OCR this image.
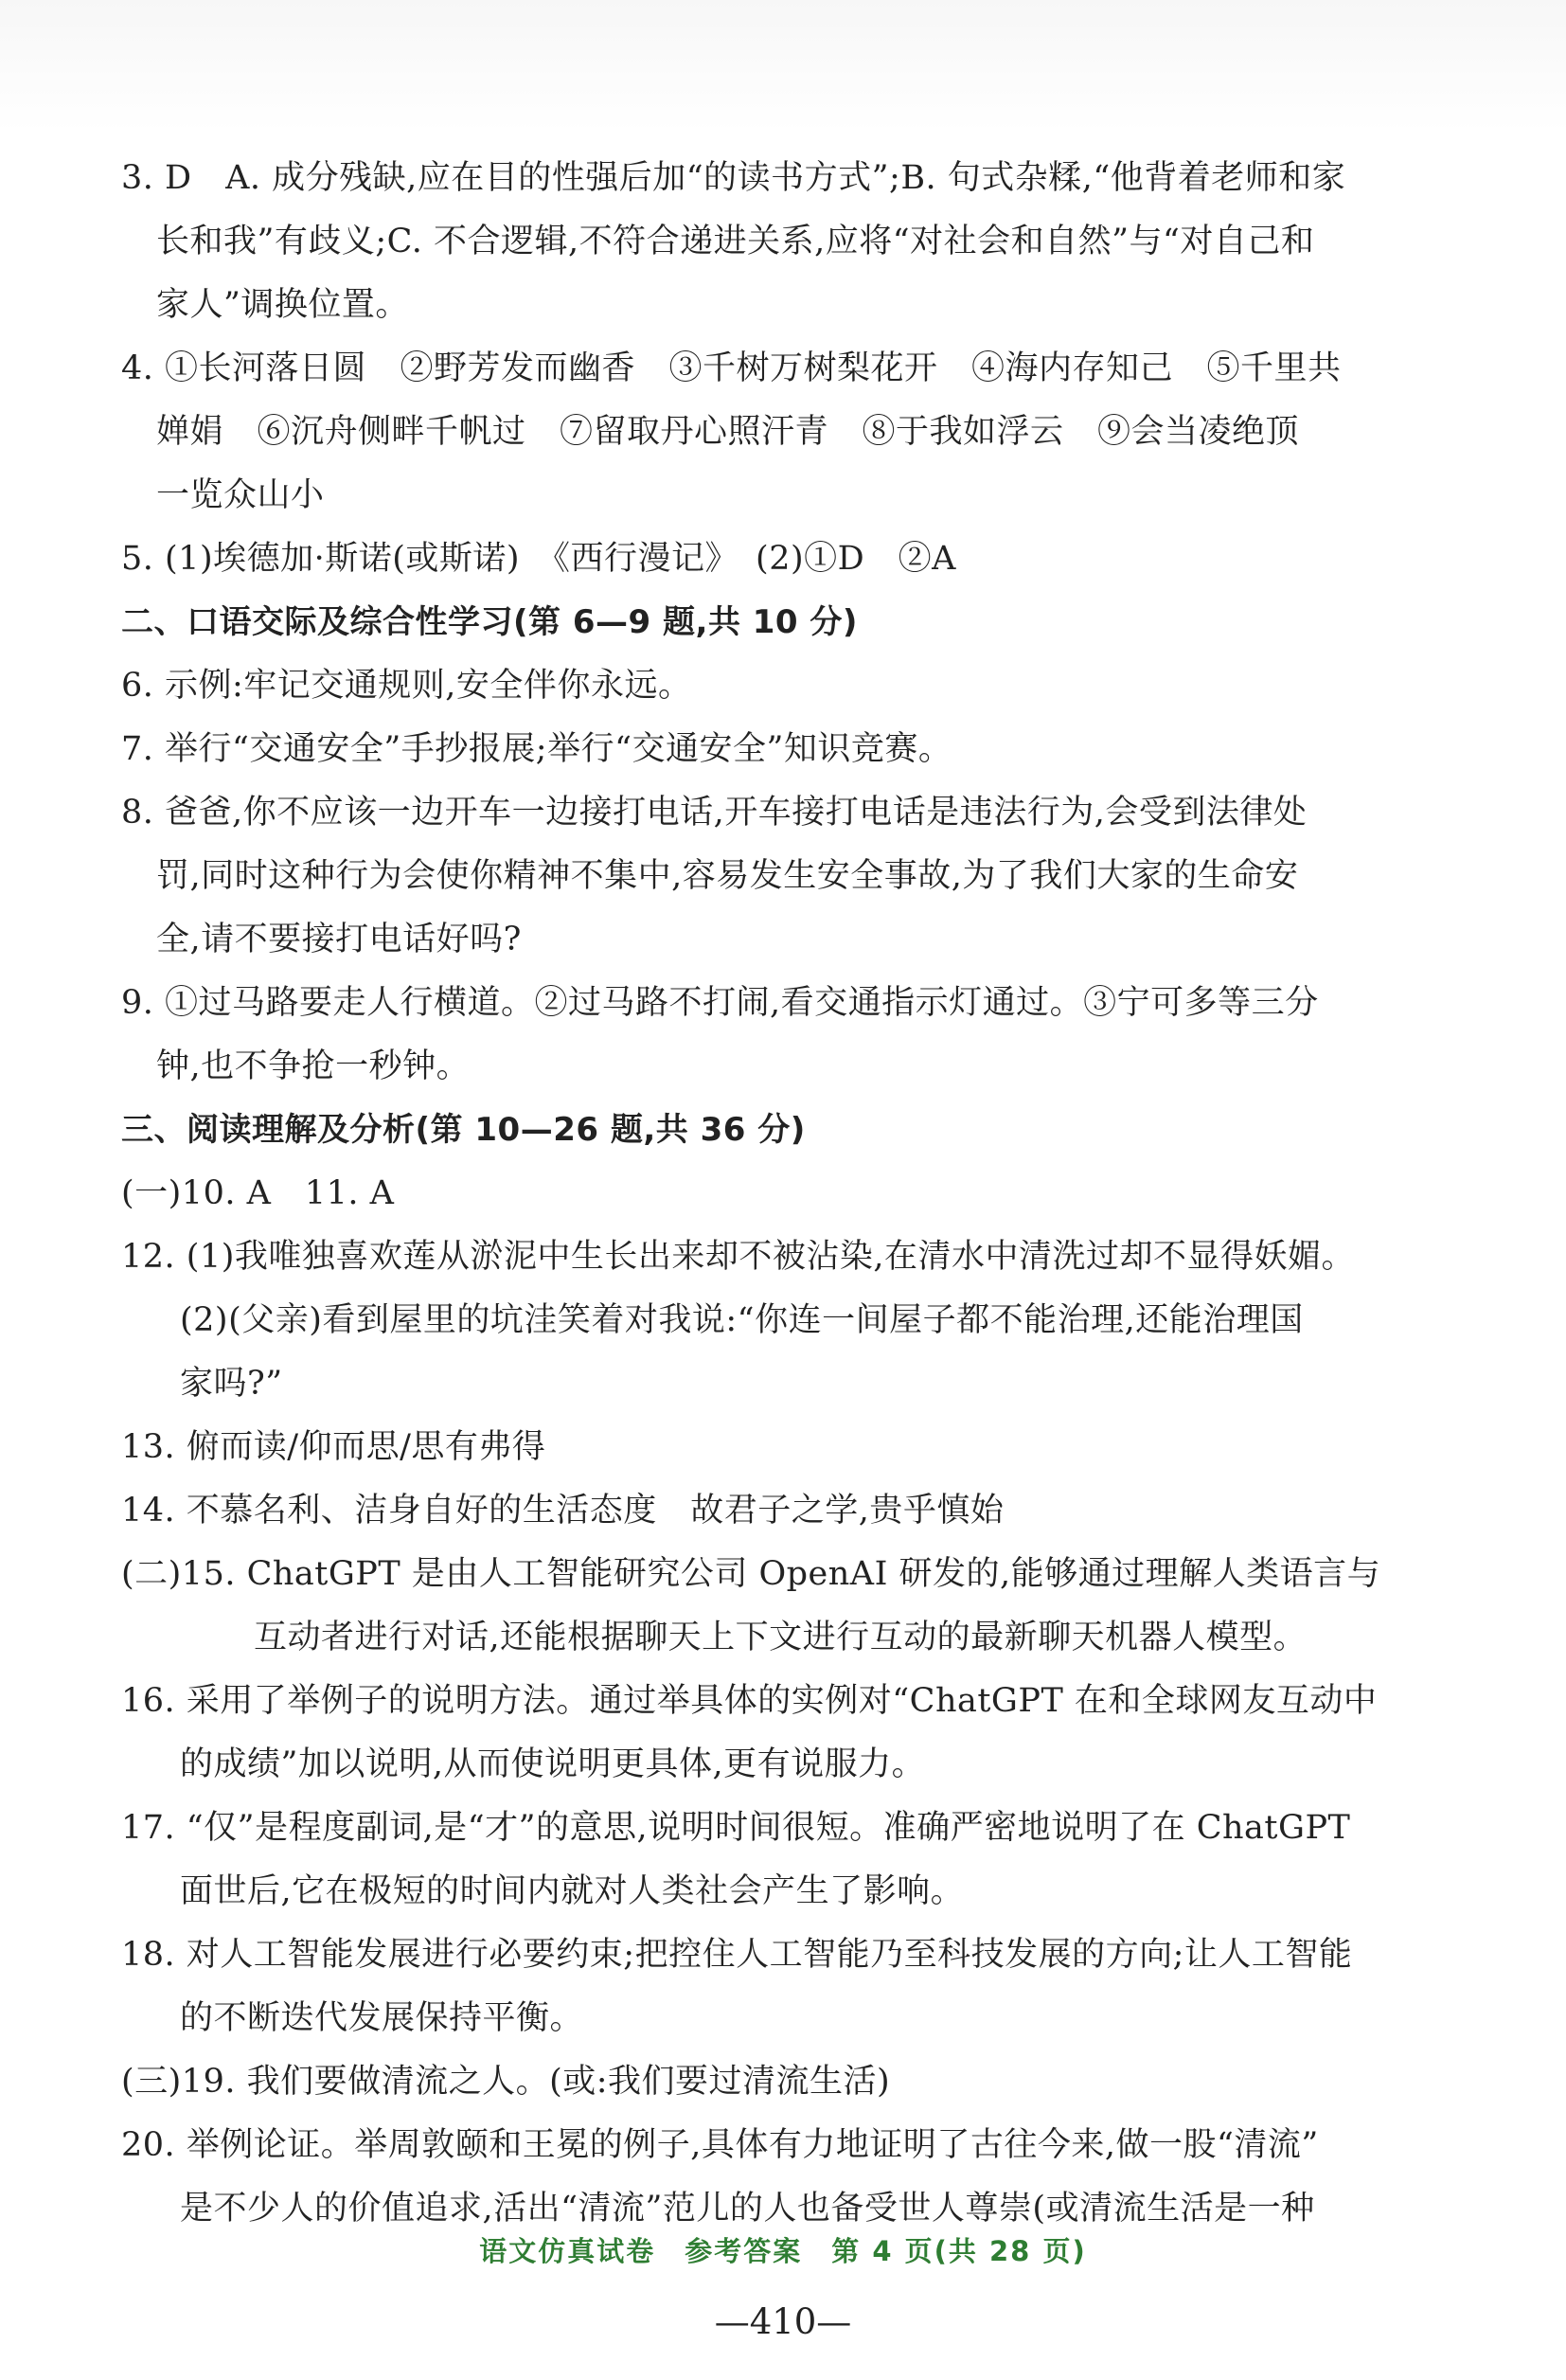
3. D　A. 成分残缺,应在目的性强后加“的读书方式”;B. 句式杂糅,“他背着老师和家
长和我”有歧义;C. 不合逻辑,不符合递进关系,应将“对社会和自然”与“对自己和
家人”调换位置。
4. ①长河落日圆　②野芳发而幽香　③千树万树梨花开　④海内存知己　⑤千里共
婵娟　⑥沉舟侧畔千帆过　⑦留取丹心照汗青　⑧于我如浮云　⑨会当凌绝顶
一览众山小
5. (1)埃德加·斯诺(或斯诺)　《西行漫记》　(2)①D　②A
二、口语交际及综合性学习(第 6—9 题,共 10 分)
6. 示例:牢记交通规则,安全伴你永远。
7. 举行“交通安全”手抄报展;举行“交通安全”知识竞赛。
8. 爸爸,你不应该一边开车一边接打电话,开车接打电话是违法行为,会受到法律处
罚,同时这种行为会使你精神不集中,容易发生安全事故,为了我们大家的生命安
全,请不要接打电话好吗?
9. ①过马路要走人行横道。②过马路不打闹,看交通指示灯通过。③宁可多等三分
钟,也不争抢一秒钟。
三、阅读理解及分析(第 10—26 题,共 36 分)
(一)10. A　11. A
12. (1)我唯独喜欢莲从淤泥中生长出来却不被沾染,在清水中清洗过却不显得妖媚。
(2)(父亲)看到屋里的坑洼笑着对我说:“你连一间屋子都不能治理,还能治理国
家吗?”
13. 俯而读/仰而思/思有弗得
14. 不慕名利、洁身自好的生活态度　故君子之学,贵乎慎始
(二)15. ChatGPT 是由人工智能研究公司 OpenAI 研发的,能够通过理解人类语言与
互动者进行对话,还能根据聊天上下文进行互动的最新聊天机器人模型。
16. 采用了举例子的说明方法。通过举具体的实例对“ChatGPT 在和全球网友互动中
的成绩”加以说明,从而使说明更具体,更有说服力。
17. “仅”是程度副词,是“才”的意思,说明时间很短。准确严密地说明了在 ChatGPT
面世后,它在极短的时间内就对人类社会产生了影响。
18. 对人工智能发展进行必要约束;把控住人工智能乃至科技发展的方向;让人工智能
的不断迭代发展保持平衡。
(三)19. 我们要做清流之人。(或:我们要过清流生活)
20. 举例论证。举周敦颐和王冕的例子,具体有力地证明了古往今来,做一股“清流”
是不少人的价值追求,活出“清流”范儿的人也备受世人尊崇(或清流生活是一种
语文仿真试卷　参考答案　第 4 页(共 28 页)
—410—
